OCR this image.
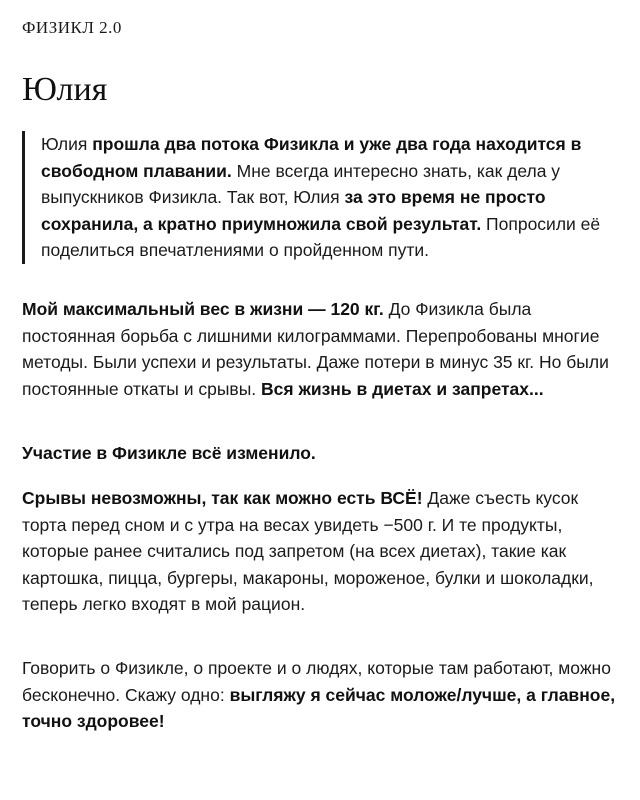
ФИЗИКЛ 2.0
Юлия
Юлия прошла два потока Физикла и уже два года находится в свободном плавании. Мне всегда интересно знать, как дела у выпускников Физикла. Так вот, Юлия за это время не просто сохранила, а кратно приумножила свой результат. Попросили её поделиться впечатлениями о пройденном пути.

Мой максимальный вес в жизни — 120 кг. До Физикла была постоянная борьба с лишними килограммами. Перепробованы многие методы. Были успехи и результаты. Даже потери в минус 35 кг. Но были постоянные откаты и срывы. Вся жизнь в диетах и запретах...

Участие в Физикле всё изменило.

Срывы невозможны, так как можно есть ВСЁ! Даже съесть кусок торта перед сном и с утра на весах увидеть −500 г. И те продукты, которые ранее считались под запретом (на всех диетах), такие как картошка, пицца, бургеры, макароны, мороженое, булки и шоколадки, теперь легко входят в мой рацион.

Говорить о Физикле, о проекте и о людях, которые там работают, можно бесконечно. Скажу одно: выгляжу я сейчас моложе/лучше, а главное, точно здоровее!
